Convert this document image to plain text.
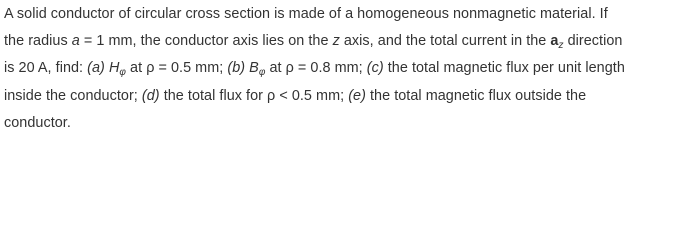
A solid conductor of circular cross section is made of a homogeneous nonmagnetic material. If
the radius a = 1 mm, the conductor axis lies on the z axis, and the total current in the $a_z$ direction
is 20 A, find: (a) $H_\varphi$ at ρ = 0.5 mm; (b) $B_\varphi$ at ρ = 0.8 mm; (c) the total magnetic flux per unit length
inside the conductor; (d) the total flux for ρ < 0.5 mm; (e) the total magnetic flux outside the
conductor.
